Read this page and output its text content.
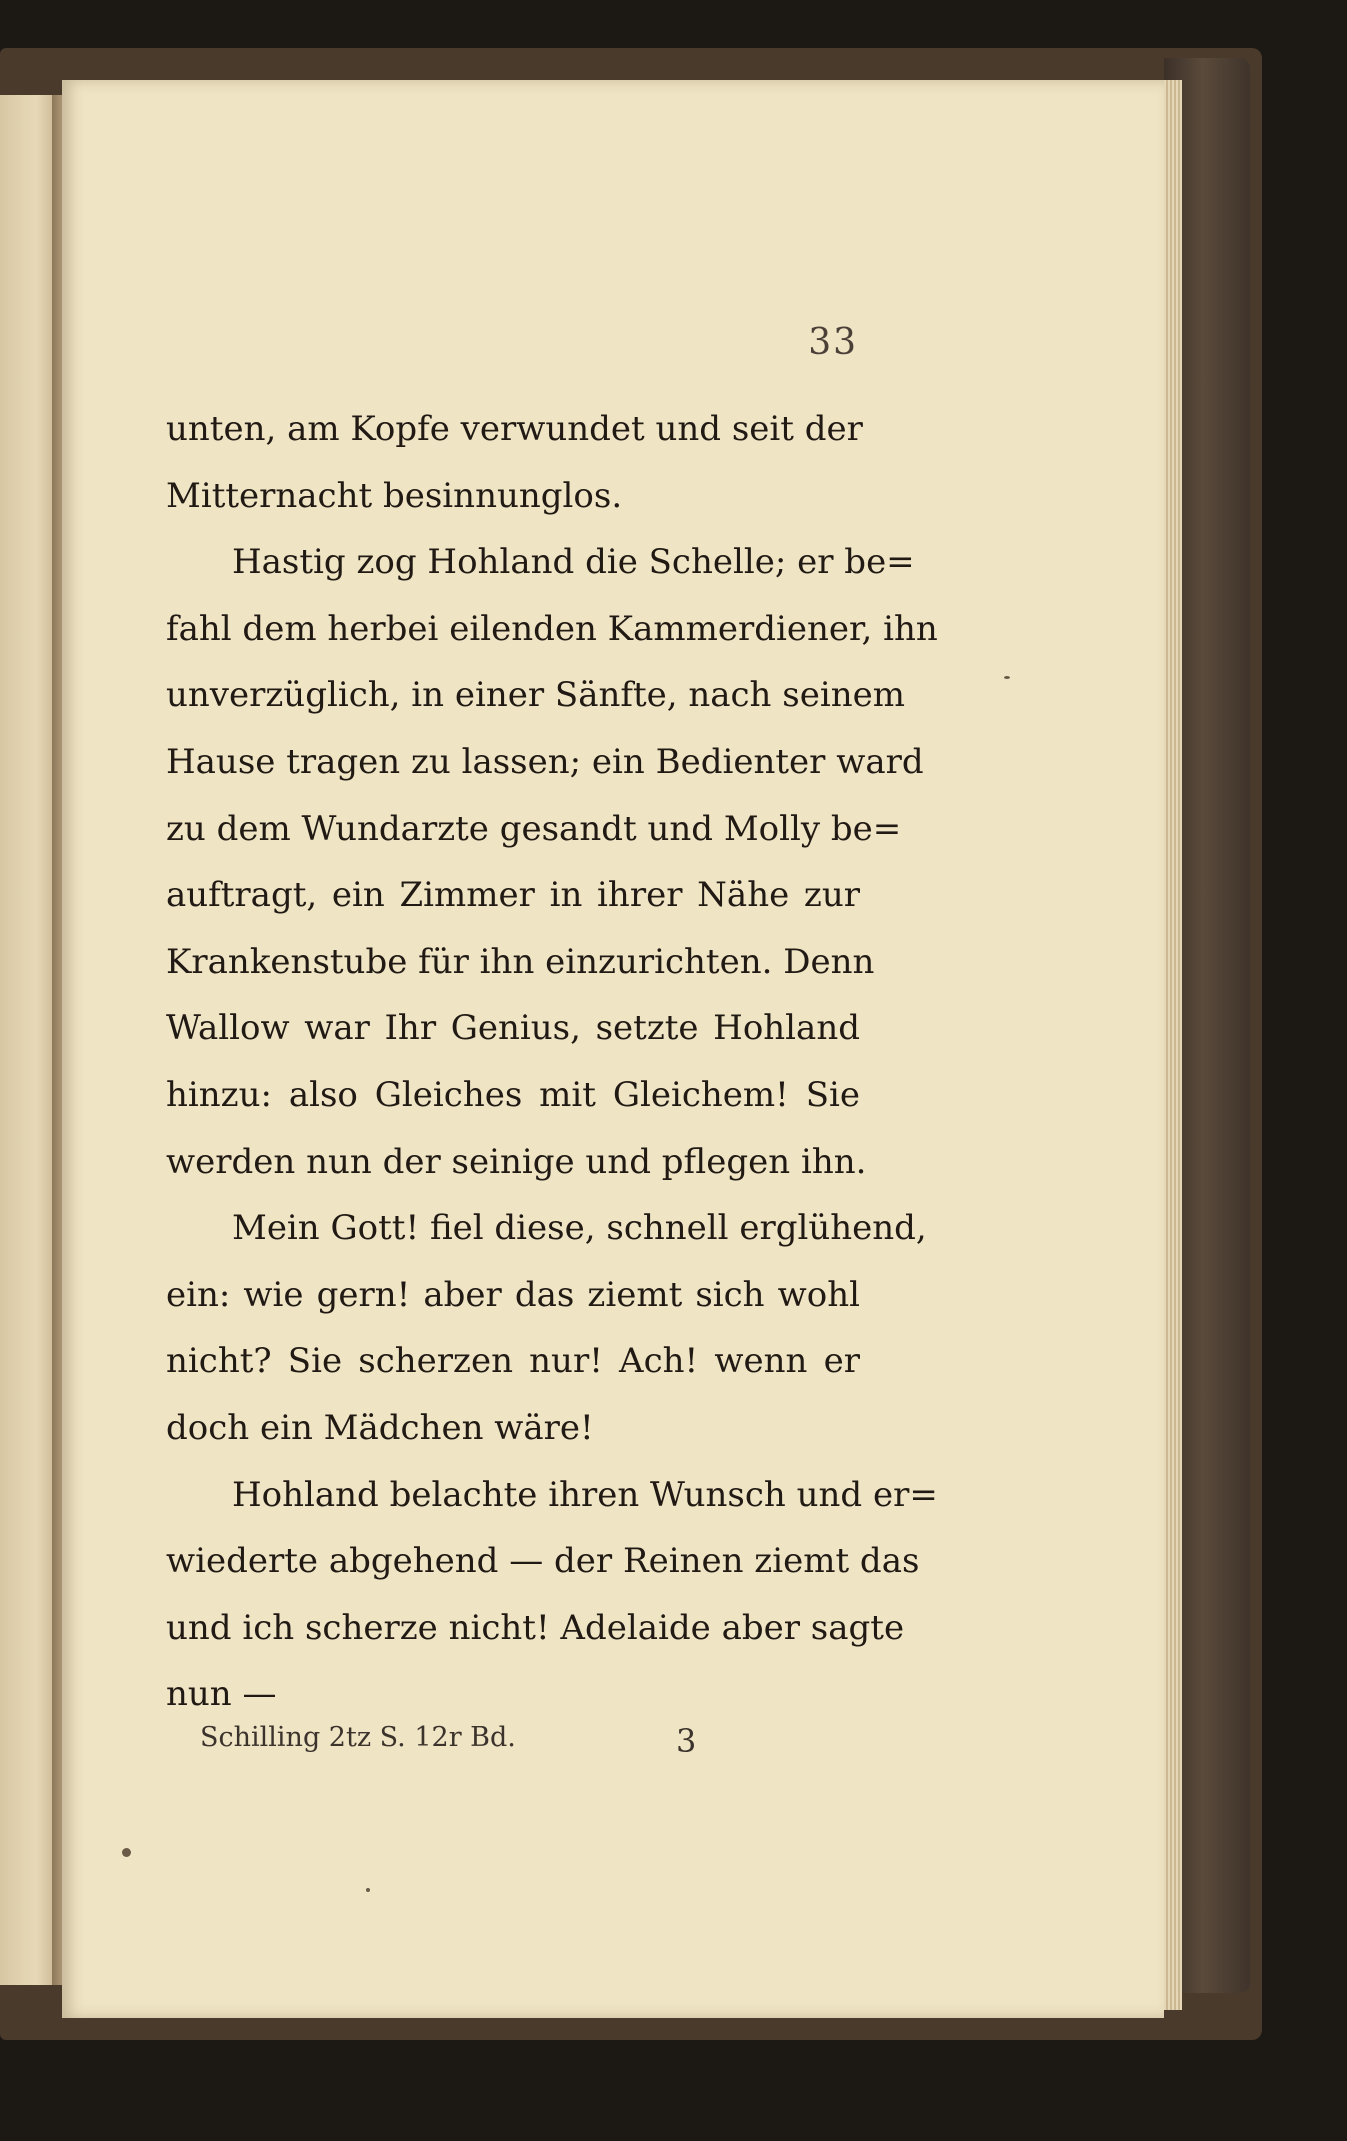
33
unten, am Kopfe verwundet und seit der
Mitternacht besinnunglos.
Hastig zog Hohland die Schelle; er be=
fahl dem herbei eilenden Kammerdiener, ihn
unverzüglich, in einer Sänfte, nach seinem
Hause tragen zu lassen; ein Bedienter ward
zu dem Wundarzte gesandt und Molly be=
auftragt, ein Zimmer in ihrer Nähe zur
Krankenstube für ihn einzurichten. Denn
Wallow war Ihr Genius, setzte Hohland
hinzu: also Gleiches mit Gleichem! Sie
werden nun der seinige und pflegen ihn.
Mein Gott! fiel diese, schnell erglühend,
ein: wie gern! aber das ziemt sich wohl
nicht? Sie scherzen nur! Ach! wenn er
doch ein Mädchen wäre!
Hohland belachte ihren Wunsch und er=
wiederte abgehend — der Reinen ziemt das
und ich scherze nicht! Adelaide aber sagte
nun —
Schilling 2tz S. 12r Bd.	3
